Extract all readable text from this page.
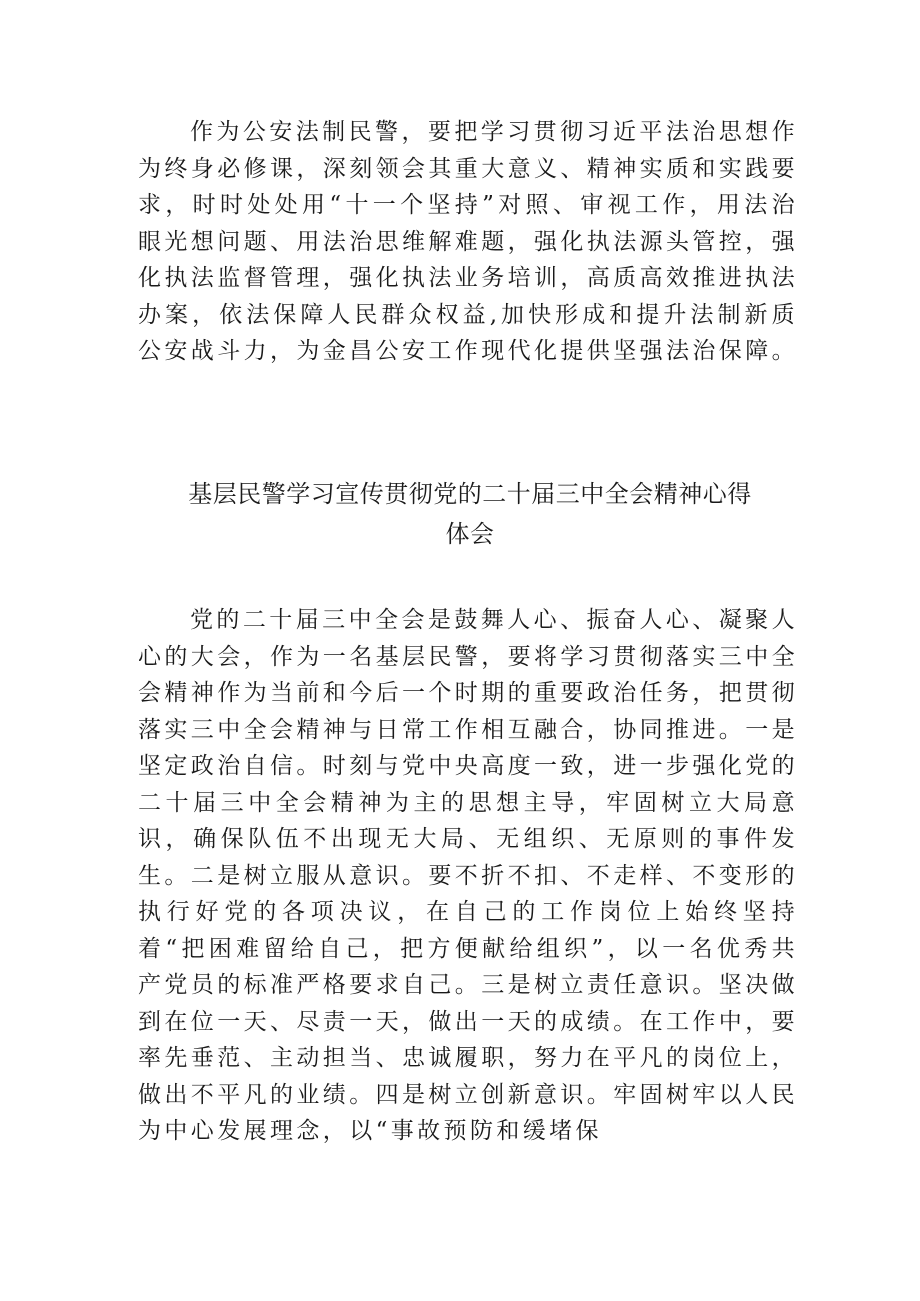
作为公安法制民警，要把学习贯彻习近平法治思想作为终身必修课，深刻领会其重大意义、精神实质和实践要求，时时处处用“十一个坚持”对照、审视工作，用法治眼光想问题、用法治思维解难题，强化执法源头管控，强化执法监督管理，强化执法业务培训，高质高效推进执法办案，依法保障人民群众权益,加快形成和提升法制新质公安战斗力，为金昌公安工作现代化提供坚强法治保障。

基层民警学习宣传贯彻党的二十届三中全会精神心得
体会

党的二十届三中全会是鼓舞人心、振奋人心、凝聚人心的大会，作为一名基层民警，要将学习贯彻落实三中全会精神作为当前和今后一个时期的重要政治任务，把贯彻落实三中全会精神与日常工作相互融合，协同推进。一是坚定政治自信。时刻与党中央高度一致，进一步强化党的二十届三中全会精神为主的思想主导，牢固树立大局意识，确保队伍不出现无大局、无组织、无原则的事件发生。二是树立服从意识。要不折不扣、不走样、不变形的执行好党的各项决议，在自己的工作岗位上始终坚持着“把困难留给自己，把方便献给组织”，以一名优秀共产党员的标准严格要求自己。三是树立责任意识。坚决做到在位一天、尽责一天，做出一天的成绩。在工作中，要率先垂范、主动担当、忠诚履职，努力在平凡的岗位上，做出不平凡的业绩。四是树立创新意识。牢固树牢以人民为中心发展理念，以“事故预防和缓堵保
